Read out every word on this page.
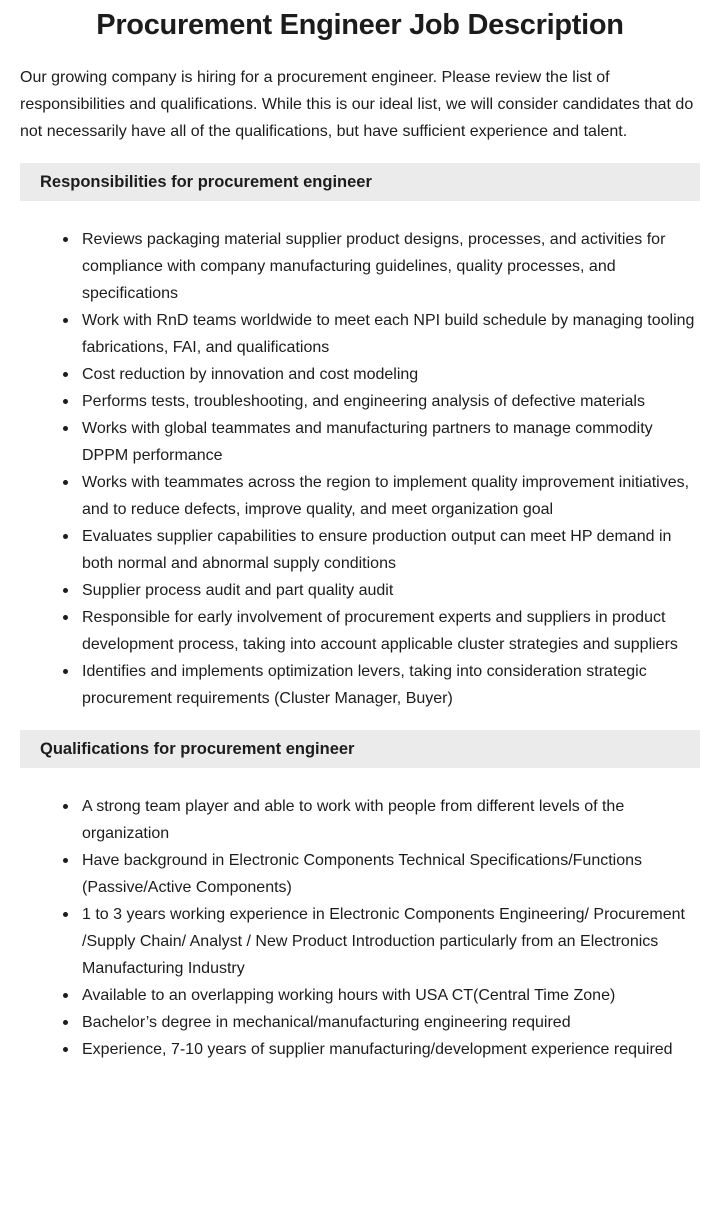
Procurement Engineer Job Description

Our growing company is hiring for a procurement engineer. Please review the list of responsibilities and qualifications. While this is our ideal list, we will consider candidates that do not necessarily have all of the qualifications, but have sufficient experience and talent.

Responsibilities for procurement engineer
Reviews packaging material supplier product designs, processes, and activities for compliance with company manufacturing guidelines, quality processes, and specifications
Work with RnD teams worldwide to meet each NPI build schedule by managing tooling fabrications, FAI, and qualifications
Cost reduction by innovation and cost modeling
Performs tests, troubleshooting, and engineering analysis of defective materials
Works with global teammates and manufacturing partners to manage commodity DPPM performance
Works with teammates across the region to implement quality improvement initiatives, and to reduce defects, improve quality, and meet organization goal
Evaluates supplier capabilities to ensure production output can meet HP demand in both normal and abnormal supply conditions
Supplier process audit and part quality audit
Responsible for early involvement of procurement experts and suppliers in product development process, taking into account applicable cluster strategies and suppliers
Identifies and implements optimization levers, taking into consideration strategic procurement requirements (Cluster Manager, Buyer)
Qualifications for procurement engineer
A strong team player and able to work with people from different levels of the organization
Have background in Electronic Components Technical Specifications/Functions (Passive/Active Components)
1 to 3 years working experience in Electronic Components Engineering/ Procurement /Supply Chain/ Analyst / New Product Introduction particularly from an Electronics Manufacturing Industry
Available to an overlapping working hours with USA CT(Central Time Zone)
Bachelor’s degree in mechanical/manufacturing engineering required
Experience, 7-10 years of supplier manufacturing/development experience required
